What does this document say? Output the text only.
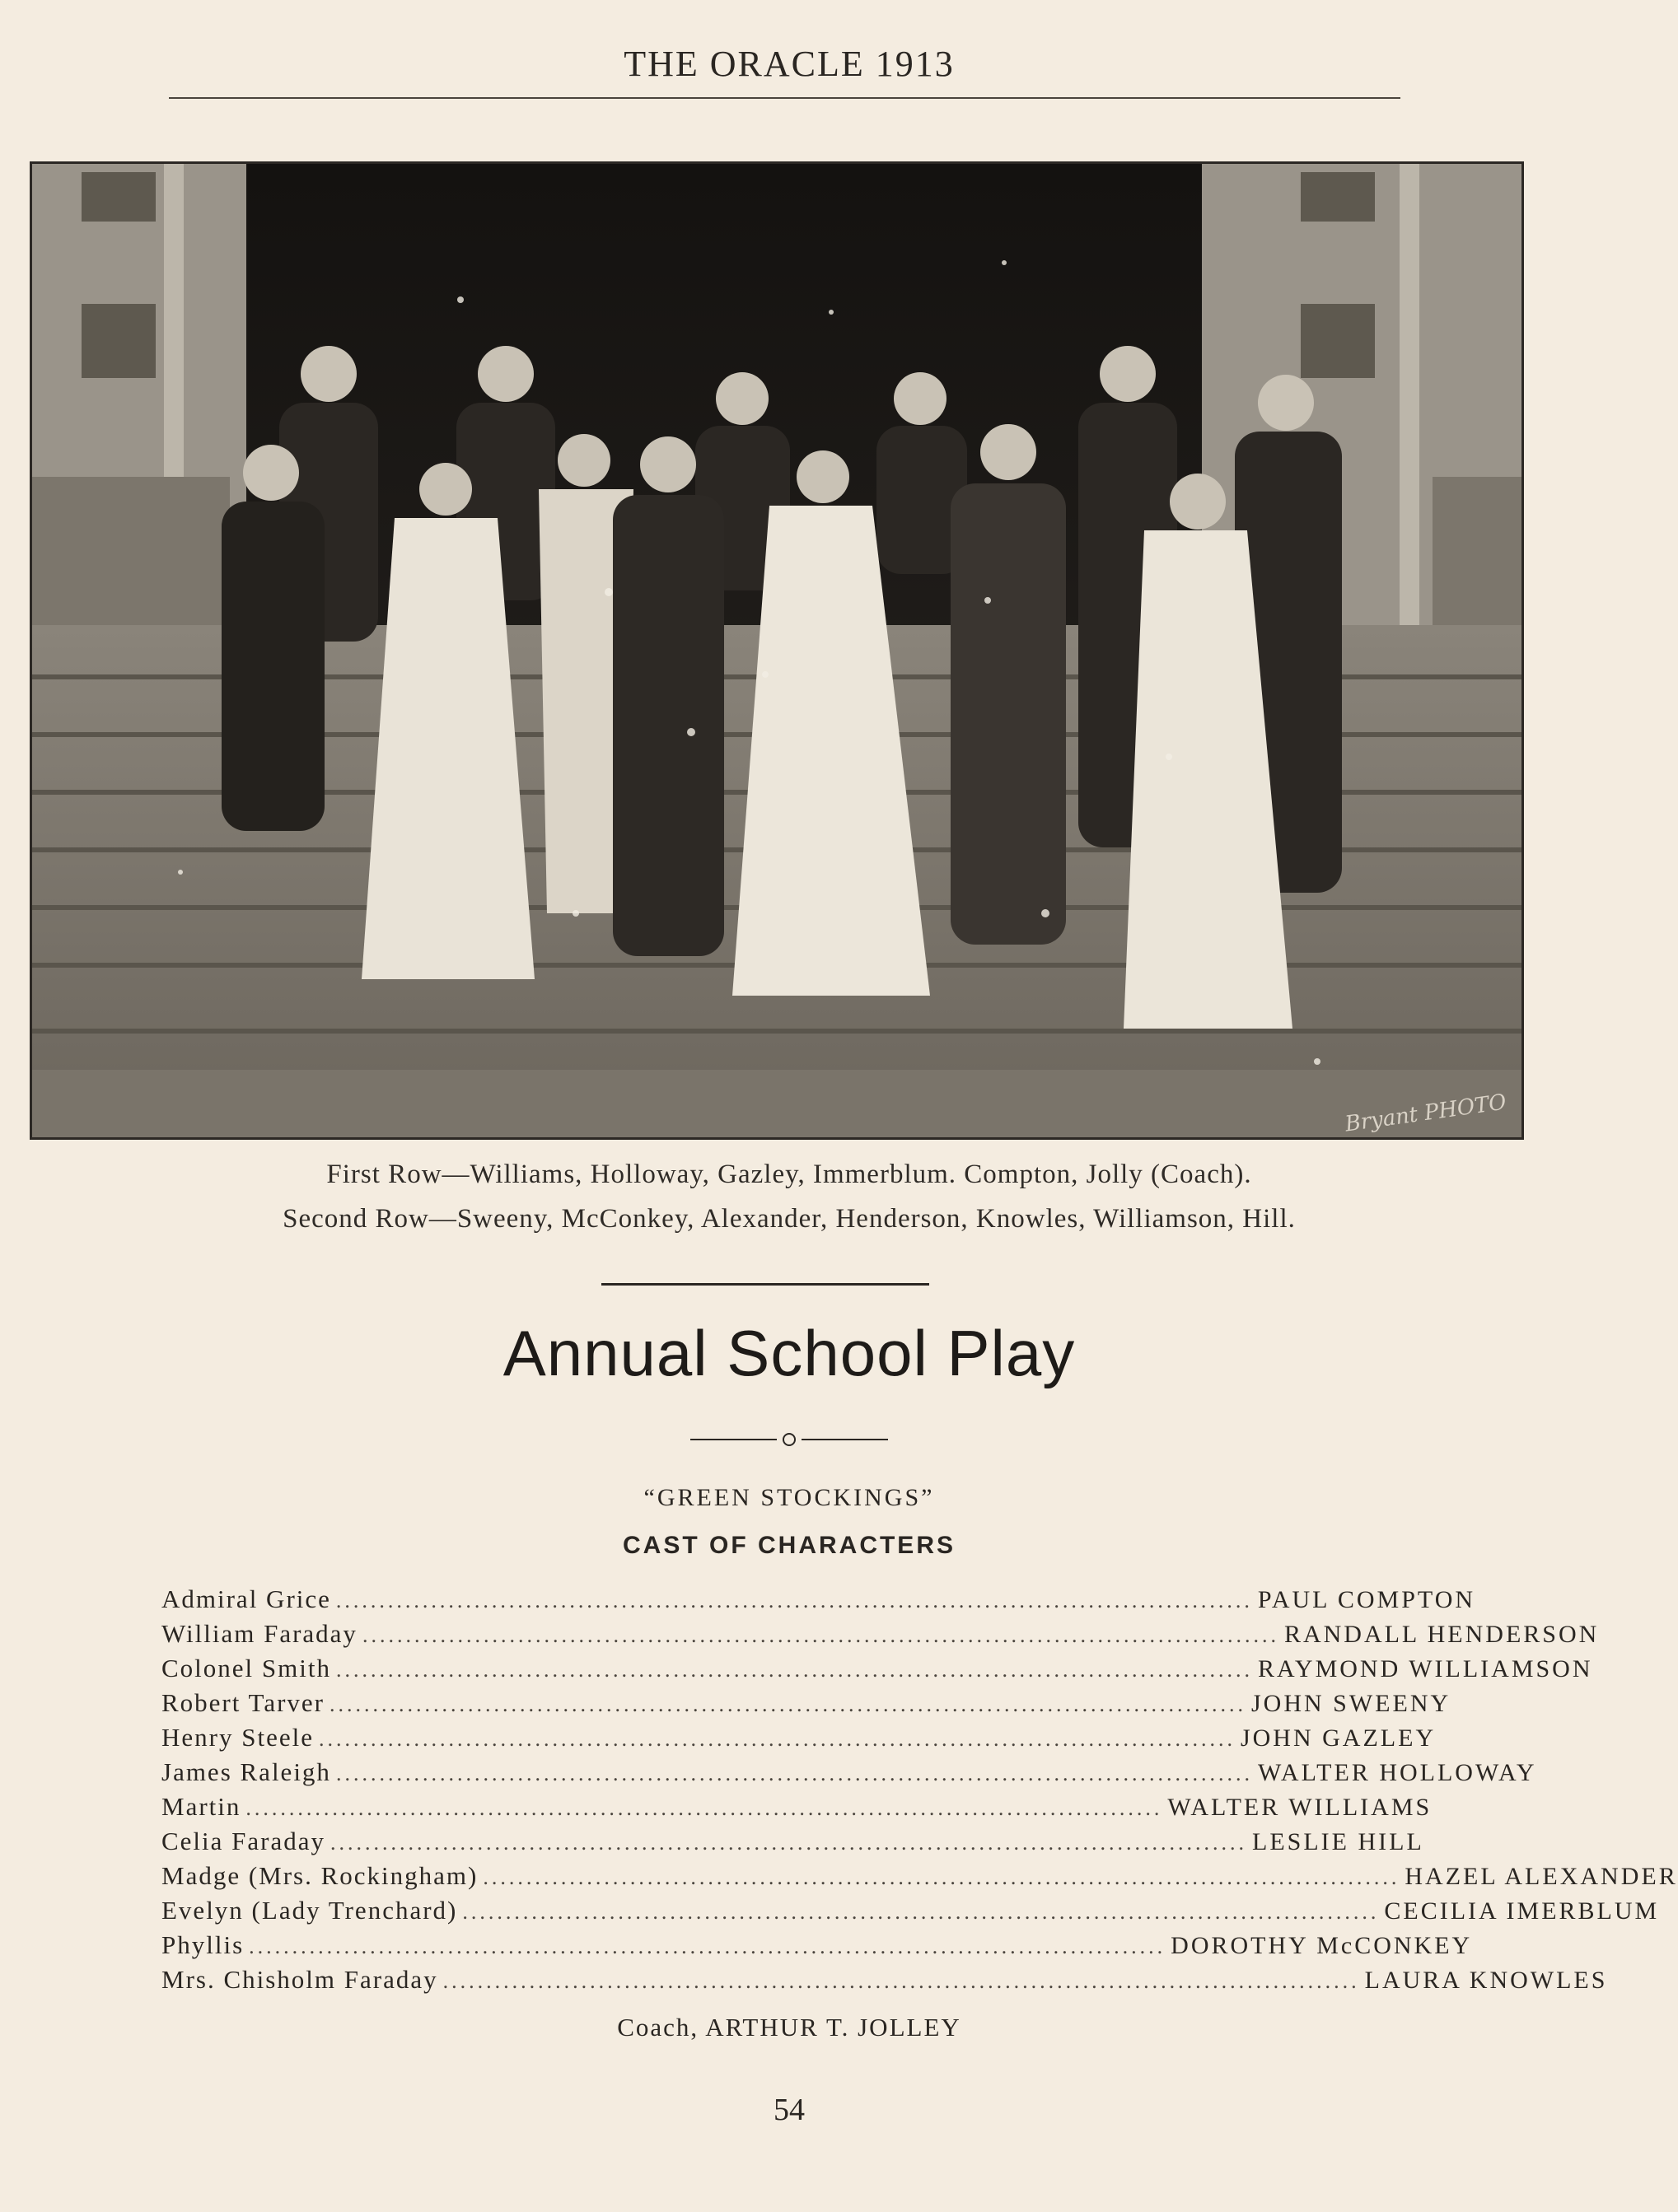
THE ORACLE 1913
Bryant PHOTO
First Row—Williams, Holloway, Gazley, Immerblum. Compton, Jolly (Coach).
Second Row—Sweeny, McConkey, Alexander, Henderson, Knowles, Williamson, Hill.
Annual School Play
“GREEN STOCKINGS”
CAST OF CHARACTERS
Admiral Grice .......................................................................................................... PAUL COMPTON
William Faraday .......................................................................................................... RANDALL HENDERSON
Colonel Smith .......................................................................................................... RAYMOND WILLIAMSON
Robert Tarver .......................................................................................................... JOHN SWEENY
Henry Steele .......................................................................................................... JOHN GAZLEY
James Raleigh .......................................................................................................... WALTER HOLLOWAY
Martin .......................................................................................................... WALTER WILLIAMS
Celia Faraday .......................................................................................................... LESLIE HILL
Madge (Mrs. Rockingham) .......................................................................................................... HAZEL ALEXANDER
Evelyn (Lady Trenchard) .......................................................................................................... CECILIA IMERBLUM
Phyllis .......................................................................................................... DOROTHY McCONKEY
Mrs. Chisholm Faraday .......................................................................................................... LAURA KNOWLES
Coach, ARTHUR T. JOLLEY
54
